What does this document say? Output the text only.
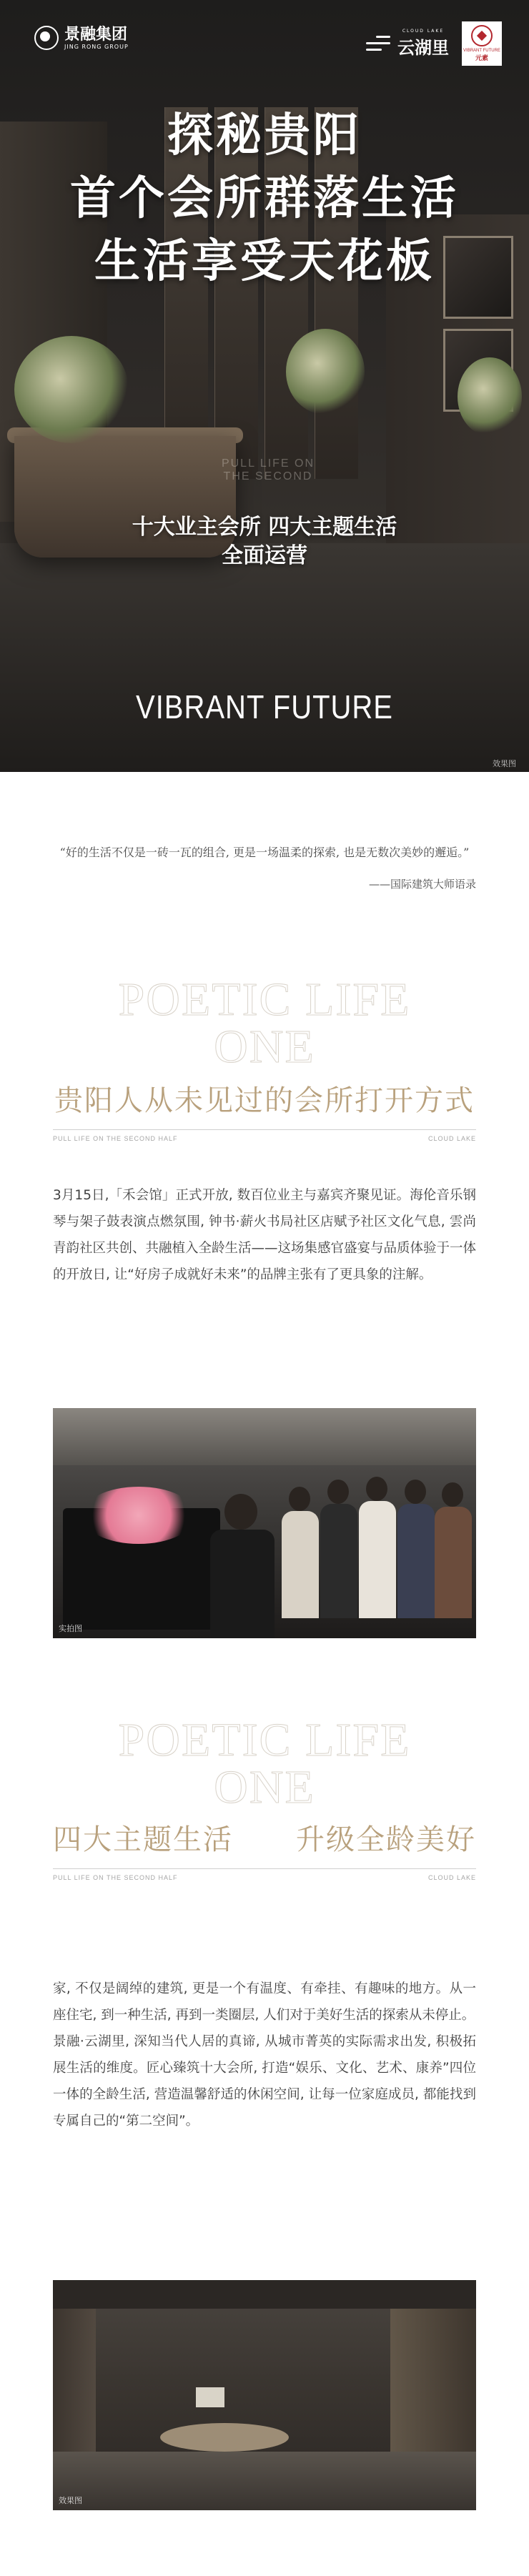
PULL LIFE ON THE SECOND
景融集团
JING RONG GROUP
CLOUD LAKE
云湖里	VIBRANT FUTURE
元素
探秘贵阳
首个会所群落生活
生活享受天花板
十大业主会所 四大主题生活
全面运营
VIBRANT FUTURE
效果图
“好的生活不仅是一砖一瓦的组合, 更是一场温柔的探索, 也是无数次美妙的邂逅。”
——国际建筑大师语录
POETIC LIFE
ONE
贵阳人从未见过的会所打开方式
PULL LIFE ON THE SECOND HALF	CLOUD LAKE

3月15日,「禾会馆」正式开放, 数百位业主与嘉宾齐聚见证。海伦音乐钢琴与架子鼓表演点燃氛围, 钟书·薪火书局社区店赋予社区文化气息, 雲尚青韵社区共创、共融植入全龄生活——这场集感官盛宴与品质体验于一体的开放日, 让“好房子成就好未来”的品牌主张有了更具象的注解。

实拍图
POETIC LIFE
ONE
四大主题生活 升级全龄美好
PULL LIFE ON THE SECOND HALF	CLOUD LAKE

家, 不仅是阔绰的建筑, 更是一个有温度、有牵挂、有趣味的地方。从一座住宅, 到一种生活, 再到一类圈层, 人们对于美好生活的探索从未停止。

景融·云湖里, 深知当代人居的真谛, 从城市菁英的实际需求出发, 积极拓展生活的维度。匠心臻筑十大会所, 打造“娱乐、文化、艺术、康养”四位一体的全龄生活, 营造温馨舒适的休闲空间, 让每一位家庭成员, 都能找到专属自己的“第二空间”。

效果图
